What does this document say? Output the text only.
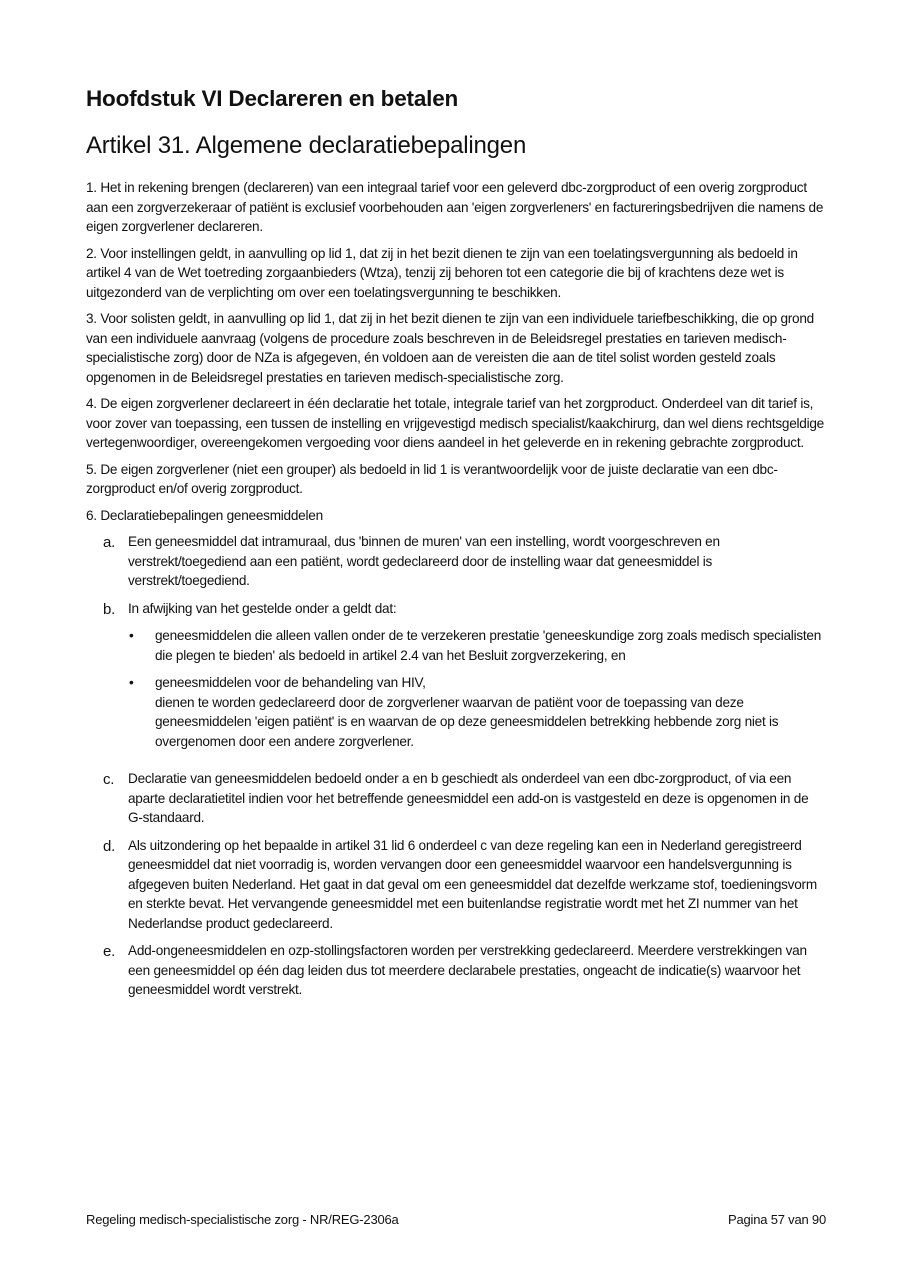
Hoofdstuk VI Declareren en betalen
Artikel 31. Algemene declaratiebepalingen

1. Het in rekening brengen (declareren) van een integraal tarief voor een geleverd dbc-zorgproduct of een overig zorgproduct aan een zorgverzekeraar of patiënt is exclusief voorbehouden aan 'eigen zorgverleners' en factureringsbedrijven die namens de eigen zorgverlener declareren.

2. Voor instellingen geldt, in aanvulling op lid 1, dat zij in het bezit dienen te zijn van een toelatingsvergunning als bedoeld in artikel 4 van de Wet toetreding zorgaanbieders (Wtza), tenzij zij behoren tot een categorie die bij of krachtens deze wet is uitgezonderd van de verplichting om over een toelatingsvergunning te beschikken.

3. Voor solisten geldt, in aanvulling op lid 1, dat zij in het bezit dienen te zijn van een individuele tariefbeschikking, die op grond van een individuele aanvraag (volgens de procedure zoals beschreven in de Beleidsregel prestaties en tarieven medisch-specialistische zorg) door de NZa is afgegeven, én voldoen aan de vereisten die aan de titel solist worden gesteld zoals opgenomen in de Beleidsregel prestaties en tarieven medisch-specialistische zorg.

4. De eigen zorgverlener declareert in één declaratie het totale, integrale tarief van het zorgproduct. Onderdeel van dit tarief is, voor zover van toepassing, een tussen de instelling en vrijgevestigd medisch specialist/kaakchirurg, dan wel diens rechtsgeldige vertegenwoordiger, overeengekomen vergoeding voor diens aandeel in het geleverde en in rekening gebrachte zorgproduct.

5. De eigen zorgverlener (niet een grouper) als bedoeld in lid 1 is verantwoordelijk voor de juiste declaratie van een dbc-zorgproduct en/of overig zorgproduct.

6. Declaratiebepalingen geneesmiddelen

a. Een geneesmiddel dat intramuraal, dus 'binnen de muren' van een instelling, wordt voorgeschreven en verstrekt/toegediend aan een patiënt, wordt gedeclareerd door de instelling waar dat geneesmiddel is verstrekt/toegediend.
b. In afwijking van het gestelde onder a geldt dat:
• geneesmiddelen die alleen vallen onder de te verzekeren prestatie 'geneeskundige zorg zoals medisch specialisten die plegen te bieden' als bedoeld in artikel 2.4 van het Besluit zorgverzekering, en
• geneesmiddelen voor de behandeling van HIV,
dienen te worden gedeclareerd door de zorgverlener waarvan de patiënt voor de toepassing van deze geneesmiddelen 'eigen patiënt' is en waarvan de op deze geneesmiddelen betrekking hebbende zorg niet is overgenomen door een andere zorgverlener.
c. Declaratie van geneesmiddelen bedoeld onder a en b geschiedt als onderdeel van een dbc-zorgproduct, of via een aparte declaratietitel indien voor het betreffende geneesmiddel een add-on is vastgesteld en deze is opgenomen in de G-standaard.
d. Als uitzondering op het bepaalde in artikel 31 lid 6 onderdeel c van deze regeling kan een in Nederland geregistreerd geneesmiddel dat niet voorradig is, worden vervangen door een geneesmiddel waarvoor een handelsvergunning is afgegeven buiten Nederland. Het gaat in dat geval om een geneesmiddel dat dezelfde werkzame stof, toedieningsvorm en sterkte bevat. Het vervangende geneesmiddel met een buitenlandse registratie wordt met het ZI nummer van het Nederlandse product gedeclareerd.
e. Add-ongeneesmiddelen en ozp-stollingsfactoren worden per verstrekking gedeclareerd. Meerdere verstrekkingen van een geneesmiddel op één dag leiden dus tot meerdere declarabele prestaties, ongeacht de indicatie(s) waarvoor het geneesmiddel wordt verstrekt.
Regeling medisch-specialistische zorg - NR/REG-2306a	Pagina 57 van 90
